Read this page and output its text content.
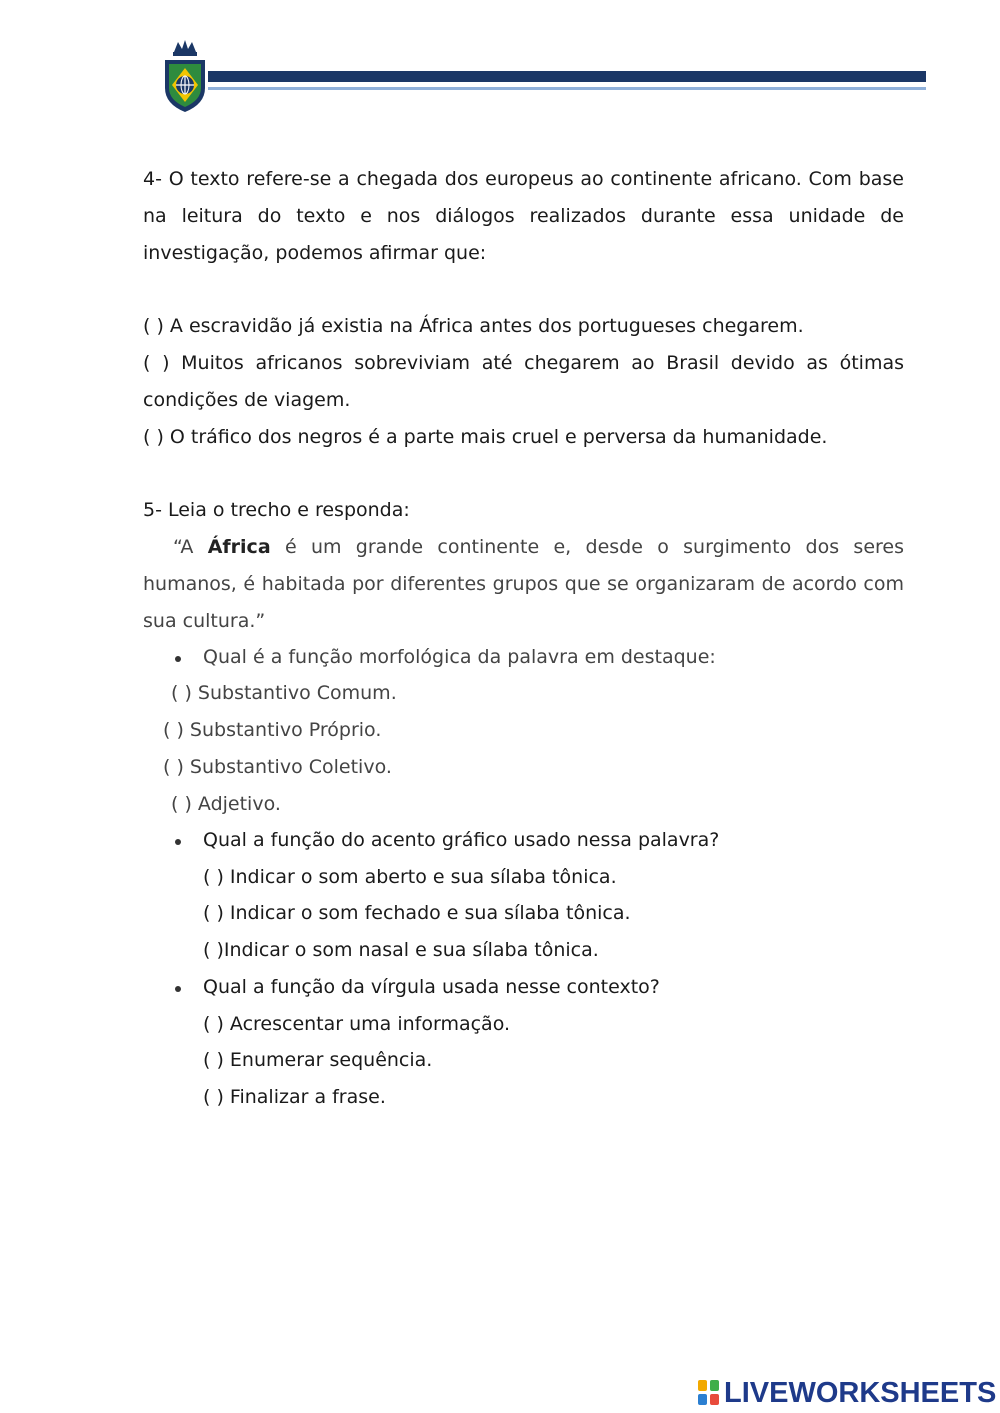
4- O texto refere-se a chegada dos europeus ao continente africano. Com base na leitura do texto e nos diálogos realizados durante essa unidade de investigação, podemos afirmar que:

( ) A escravidão já existia na África antes dos portugueses chegarem.

( ) Muitos africanos sobreviviam até chegarem ao Brasil devido as ótimas condições de viagem.

( ) O tráfico dos negros é a parte mais cruel e perversa da humanidade.

5- Leia o trecho e responda:

“A África é um grande continente e, desde o surgimento dos seres humanos, é habitada por diferentes grupos que se organizaram de acordo com sua cultura.”

Qual é a função morfológica da palavra em destaque:

( ) Substantivo Comum.

( ) Substantivo Próprio.

( ) Substantivo Coletivo.

( ) Adjetivo.

Qual a função do acento gráfico usado nessa palavra?

( ) Indicar o som aberto e sua sílaba tônica.

( ) Indicar o som fechado e sua sílaba tônica.

( )Indicar o som nasal e sua sílaba tônica.

Qual a função da vírgula usada nesse contexto?

( ) Acrescentar uma informação.

( ) Enumerar sequência.

( ) Finalizar a frase.

LIVEWORKSHEETS
